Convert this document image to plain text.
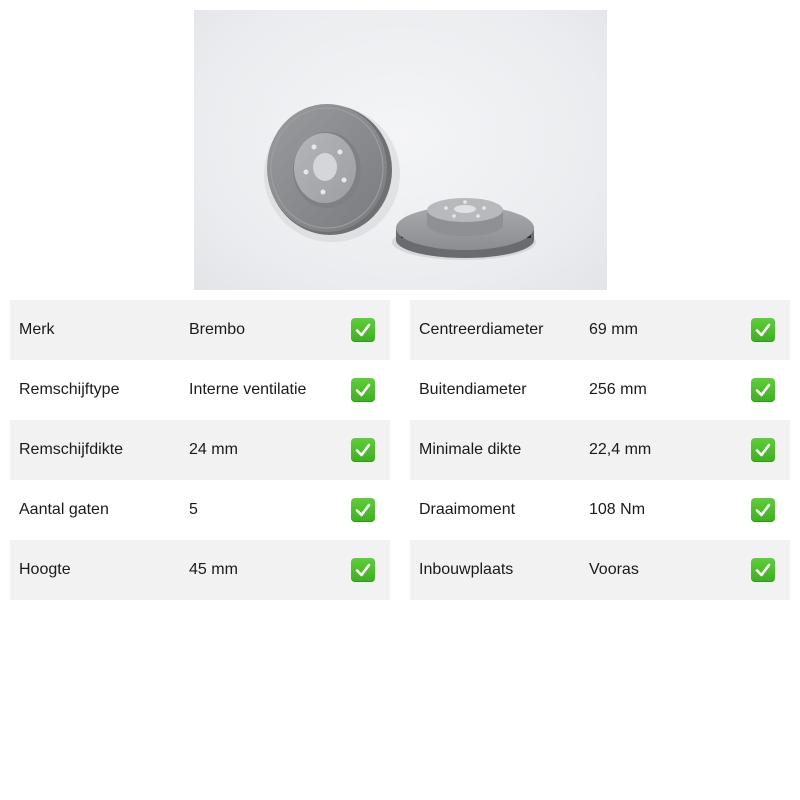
Merk	Brembo
Remschijftype	Interne ventilatie
Remschijfdikte	24 mm
Aantal gaten	5
Hoogte	45 mm
Centreerdiameter	69 mm
Buitendiameter	256 mm
Minimale dikte	22,4 mm
Draaimoment	108 Nm
Inbouwplaats	Vooras
